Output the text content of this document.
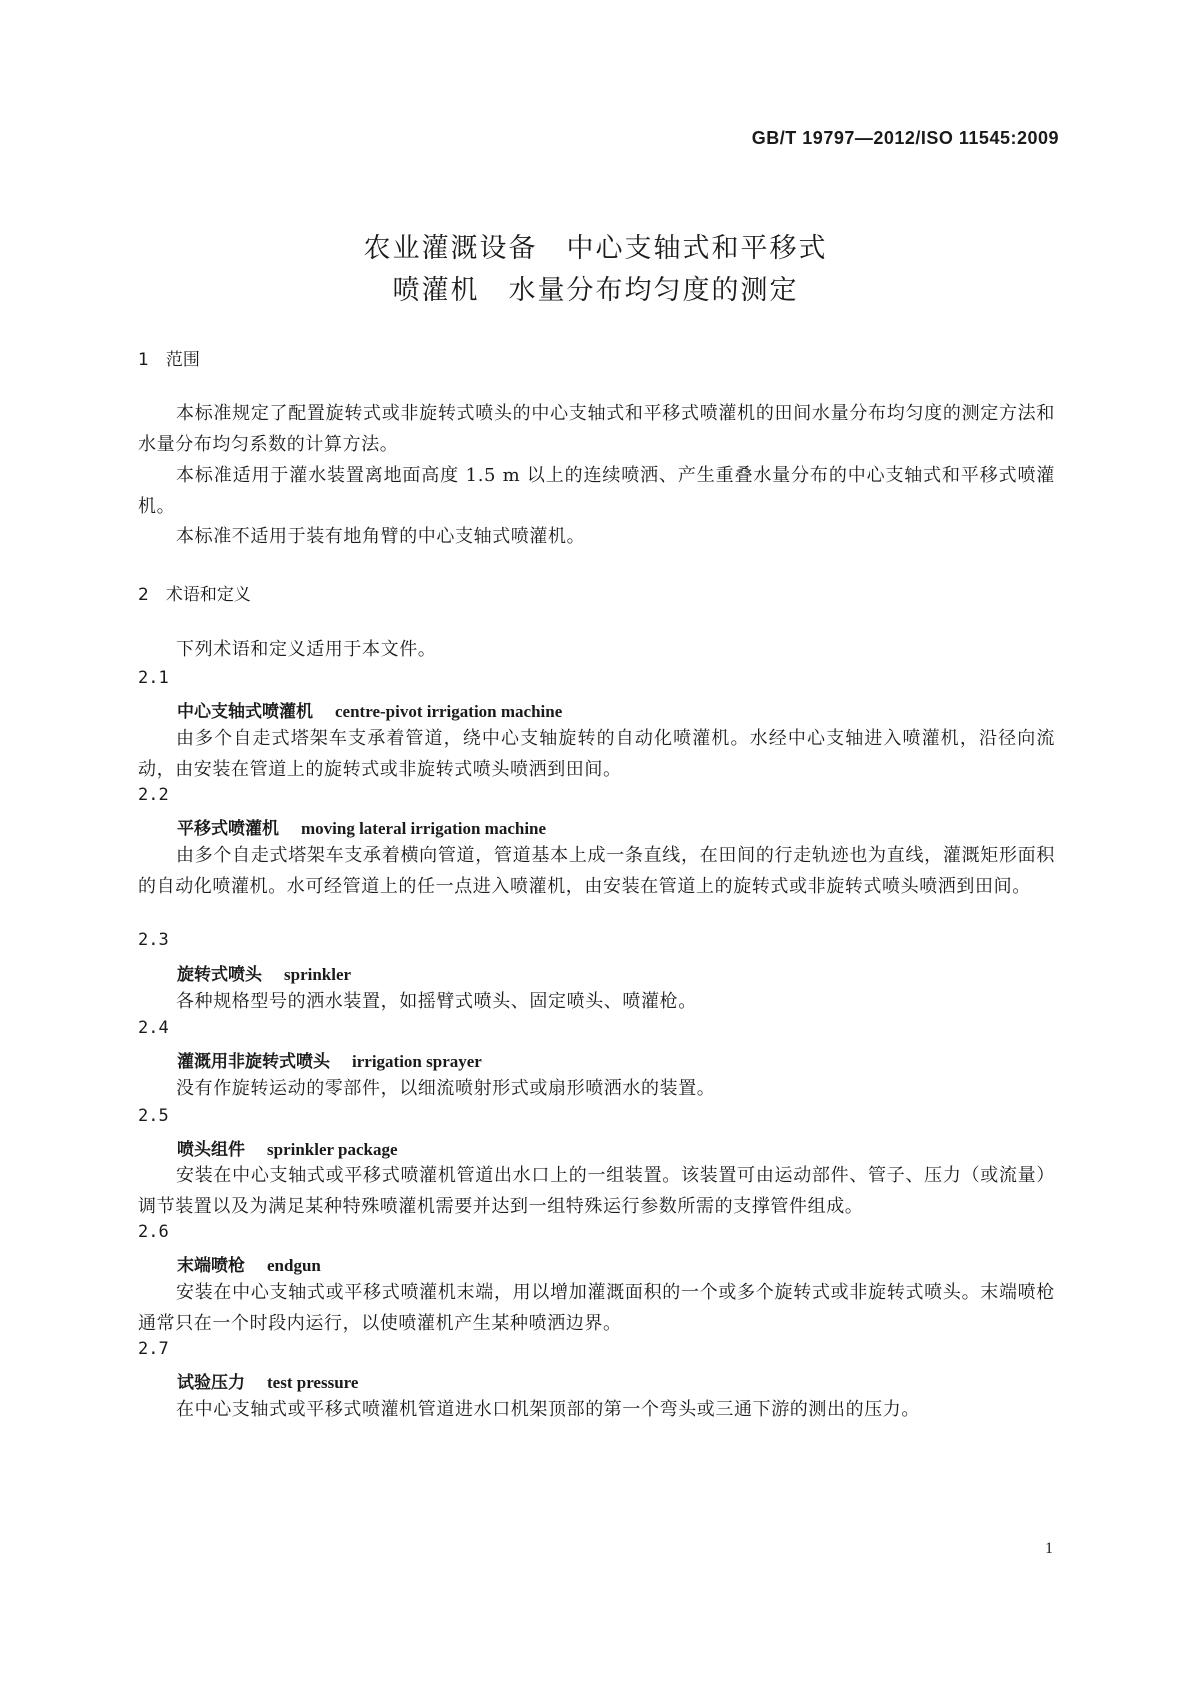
GB/T 19797—2012/ISO 11545:2009
农业灌溉设备　中心支轴式和平移式
喷灌机　水量分布均匀度的测定
1　范围
本标准规定了配置旋转式或非旋转式喷头的中心支轴式和平移式喷灌机的田间水量分布均匀度的测定方法和水量分布均匀系数的计算方法。
本标准适用于灌水装置离地面高度 1.5 m 以上的连续喷洒、产生重叠水量分布的中心支轴式和平移式喷灌机。
本标准不适用于装有地角臂的中心支轴式喷灌机。
2　术语和定义
下列术语和定义适用于本文件。
2.1
中心支轴式喷灌机 centre-pivot irrigation machine
由多个自走式塔架车支承着管道，绕中心支轴旋转的自动化喷灌机。水经中心支轴进入喷灌机，沿径向流动，由安装在管道上的旋转式或非旋转式喷头喷洒到田间。
2.2
平移式喷灌机 moving lateral irrigation machine
由多个自走式塔架车支承着横向管道，管道基本上成一条直线，在田间的行走轨迹也为直线，灌溉矩形面积的自动化喷灌机。水可经管道上的任一点进入喷灌机，由安装在管道上的旋转式或非旋转式喷头喷洒到田间。
2.3
旋转式喷头 sprinkler
各种规格型号的洒水装置，如摇臂式喷头、固定喷头、喷灌枪。
2.4
灌溉用非旋转式喷头 irrigation sprayer
没有作旋转运动的零部件，以细流喷射形式或扇形喷洒水的装置。
2.5
喷头组件 sprinkler package
安装在中心支轴式或平移式喷灌机管道出水口上的一组装置。该装置可由运动部件、管子、压力（或流量）调节装置以及为满足某种特殊喷灌机需要并达到一组特殊运行参数所需的支撑管件组成。
2.6
末端喷枪 endgun
安装在中心支轴式或平移式喷灌机末端，用以增加灌溉面积的一个或多个旋转式或非旋转式喷头。末端喷枪通常只在一个时段内运行，以使喷灌机产生某种喷洒边界。
2.7
试验压力 test pressure
在中心支轴式或平移式喷灌机管道进水口机架顶部的第一个弯头或三通下游的测出的压力。
1
